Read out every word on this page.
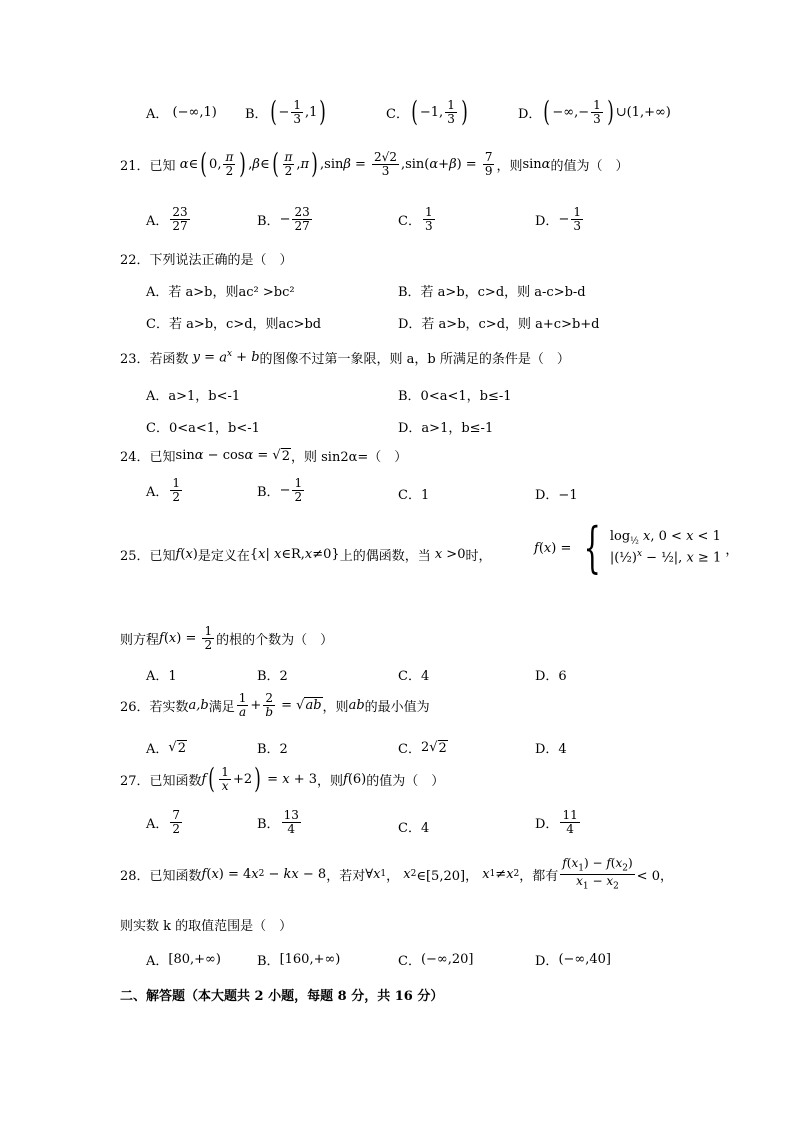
A． (−∞,1) B． ( − $\frac{1}{3} ,1$ )	C． ( −1, $\frac{1}{3}$ )	D． ( −∞,− $\frac{1}{3}$ ) ∪(1,+∞)
21． 已知 α ∈ ( 0, $\frac{\pi}{2}$ ) , β ∈ ( $\frac{\pi}{2}$ , π ) ,sin $\beta = \frac{2√2}{3} ,\sin$( α + β ) = $\frac{7}{9}$ ，则 sin α 的值为（　）
A． $\frac{23}{27}$	B． − $\frac{23}{27}$	C． $\frac{1}{3}$	D． − $\frac{1}{3}$
22．下列说法正确的是（　）
A．若 a>b，则ac² >bc²	B．若 a>b，c>d，则 a-c>b-d
C．若 a>b，c>d，则ac>bd	D．若 a>b，c>d，则 a+c>b+d
23．若函数 $y = a^x + b$ 的图像不过第一象限，则 a，b 所满足的条件是（　）
A．a>1，b<-1	B．0<a<1，b≤-1
C．0<a<1，b<-1	D．a>1，b≤-1
24．已知 sin α − cos α = √ 2 ，则 sin2α=（　）
A． $\frac{1}{2}$	B． − $\frac{1}{2}$	C．1	D．−1
25．已知 f ( x ) 是定义在 { x | x ∈R, x ≠0} 上的偶函数，当 x >0 时，
f ( x ) = { $\log_{\frac{1}{2}} x$, 0 < x < 1
|(½)$^x$ − ½|, x ≥ 1 ，
则方程 f ( x ) = $\frac{1}{2}$ 的根的个数为（　）
A．1	B．2	C．4	D．6
26．若实数 a,b 满足 $\frac{1}{a} + \frac{2}{b}$ = √ ab ，则 ab 的最小值为
A． √ 2	B．2	C． 2√ 2	D．4
27．已知函数 f ( $\frac{1}{x} +2$ ) = x + 3 ，则 f (6) 的值为（　）
A． $\frac{7}{2}$	B． $\frac{13}{4}$	C．4	D． $\frac{11}{4}$
28．已知函数 f ( x ) = 4 x 2 − kx − 8 ，若对 ∀ x 1 ， x 2 ∈[5,20]， x 1 ≠ x 2 ，都有 $\frac{f(x_1) - f(x_2)}{x_1 - x_2} < 0$，
则实数 k 的取值范围是（　）
A． [80,+∞)	B． [160,+∞)	C． (−∞,20]	D． (−∞,40]
二、解答题（本大题共 2 小题，每题 8 分，共 16 分）
